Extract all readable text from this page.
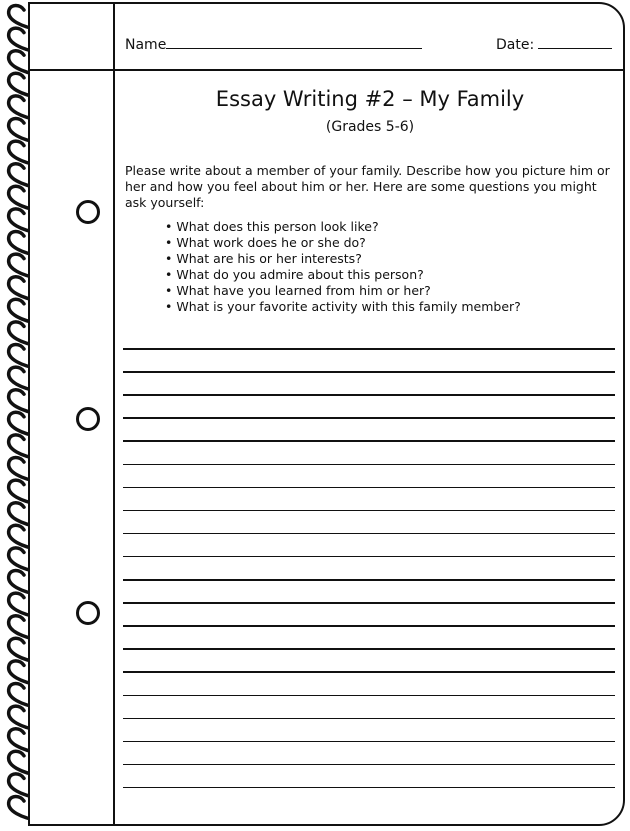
Name	Date:
Essay Writing #2 – My Family
(Grades 5-6)
Please write about a member of your family. Describe how you picture him or her and how you feel about him or her. Here are some questions you might ask yourself:
• What does this person look like?
• What work does he or she do?
• What are his or her interests?
• What do you admire about this person?
• What have you learned from him or her?
• What is your favorite activity with this family member?
